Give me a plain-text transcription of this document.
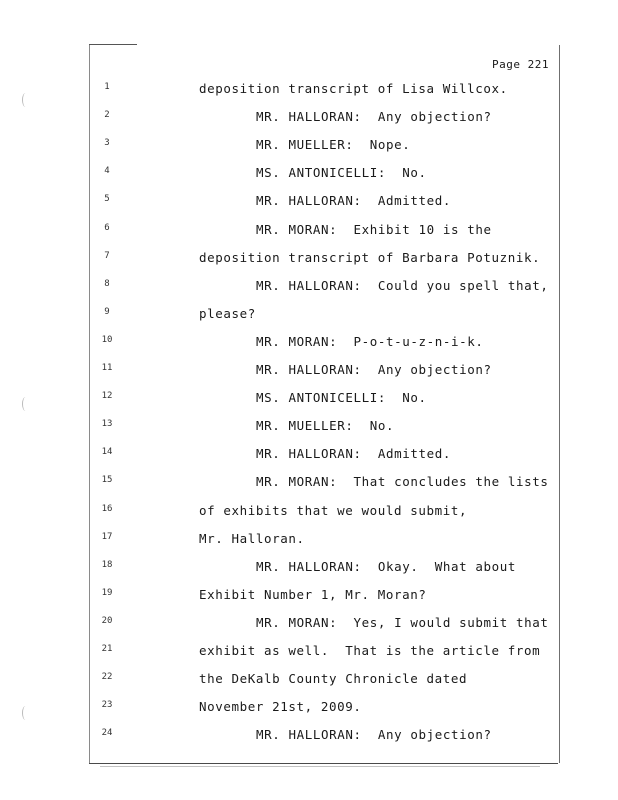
Page 221
1	deposition transcript of Lisa Willcox.
2	MR. HALLORAN:  Any objection?
3	MR. MUELLER:  Nope.
4	MS. ANTONICELLI:  No.
5	MR. HALLORAN:  Admitted.
6	MR. MORAN:  Exhibit 10 is the
7	deposition transcript of Barbara Potuznik.
8	MR. HALLORAN:  Could you spell that,
9	please?
10	MR. MORAN:  P-o-t-u-z-n-i-k.
11	MR. HALLORAN:  Any objection?
12	MS. ANTONICELLI:  No.
13	MR. MUELLER:  No.
14	MR. HALLORAN:  Admitted.
15	MR. MORAN:  That concludes the lists
16	of exhibits that we would submit,
17	Mr. Halloran.
18	MR. HALLORAN:  Okay.  What about
19	Exhibit Number 1, Mr. Moran?
20	MR. MORAN:  Yes, I would submit that
21	exhibit as well.  That is the article from
22	the DeKalb County Chronicle dated
23	November 21st, 2009.
24	MR. HALLORAN:  Any objection?
